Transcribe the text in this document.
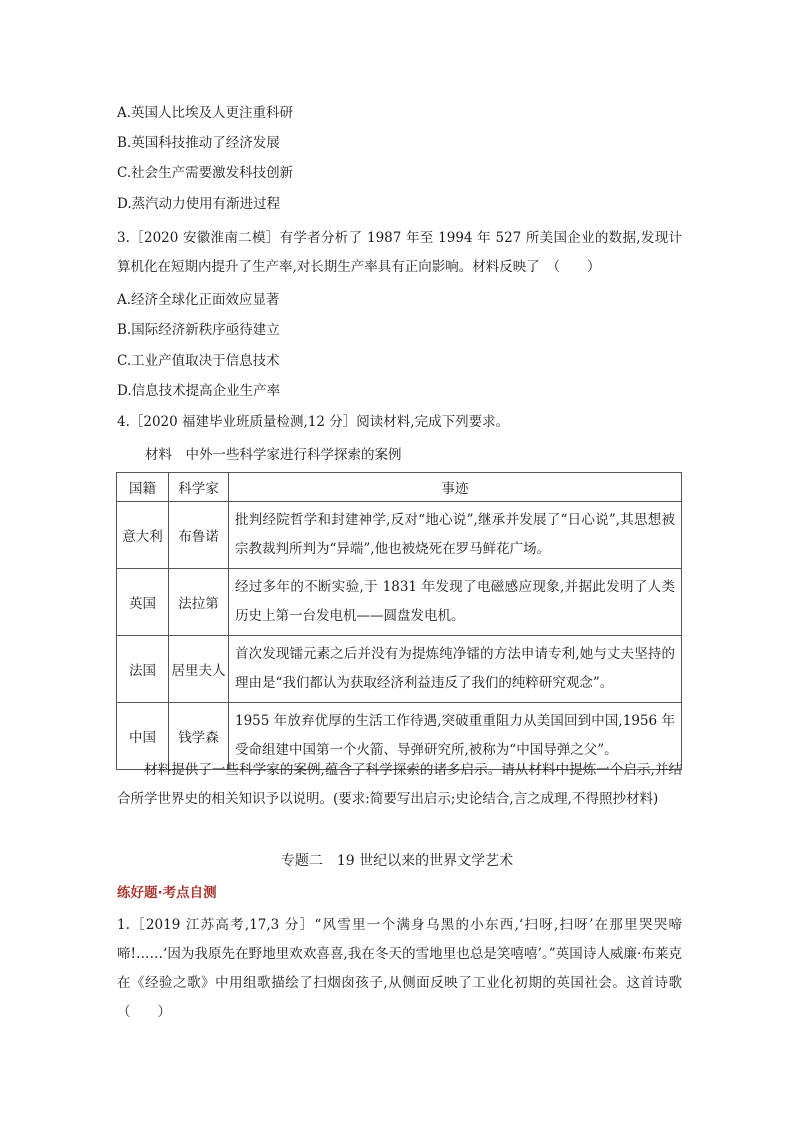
A.英国人比埃及人更注重科研
B.英国科技推动了经济发展
C.社会生产需要激发科技创新
D.蒸汽动力使用有渐进过程
3.［2020 安徽淮南二模］有学者分析了 1987 年至 1994 年 527 所美国企业的数据,发现计算机化在短期内提升了生产率,对长期生产率具有正向影响。材料反映了　（　　）
A.经济全球化正面效应显著
B.国际经济新秩序亟待建立
C.工业产值取决于信息技术
D.信息技术提高企业生产率
4.［2020 福建毕业班质量检测,12 分］阅读材料,完成下列要求。
材料　中外一些科学家进行科学探索的案例
国籍	科学家	事迹
意大利	布鲁诺	批判经院哲学和封建神学,反对“地心说”,继承并发展了“日心说”,其思想被宗教裁判所判为“异端”,他也被烧死在罗马鲜花广场。
英国	法拉第	经过多年的不断实验,于 1831 年发现了电磁感应现象,并据此发明了人类历史上第一台发电机——圆盘发电机。
法国	居里夫人	首次发现镭元素之后并没有为提炼纯净镭的方法申请专利,她与丈夫坚持的理由是“我们都认为获取经济利益违反了我们的纯粹研究观念”。
中国	钱学森	1955 年放弃优厚的生活工作待遇,突破重重阻力从美国回到中国,1956 年受命组建中国第一个火箭、导弹研究所,被称为“中国导弹之父”。
　　材料提供了一些科学家的案例,蕴含了科学探索的诸多启示。请从材料中提炼一个启示,并结合所学世界史的相关知识予以说明。(要求:简要写出启示;史论结合,言之成理,不得照抄材料)
专题二　19 世纪以来的世界文学艺术
练好题·考点自测
1.［2019 江苏高考,17,3 分］“风雪里一个满身乌黑的小东西,‘扫呀,扫呀’在那里哭哭啼啼!……‘因为我原先在野地里欢欢喜喜,我在冬天的雪地里也总是笑嘻嘻’。”英国诗人威廉·布莱克在《经验之歌》中用组歌描绘了扫烟囱孩子,从侧面反映了工业化初期的英国社会。这首诗歌　（　　）
